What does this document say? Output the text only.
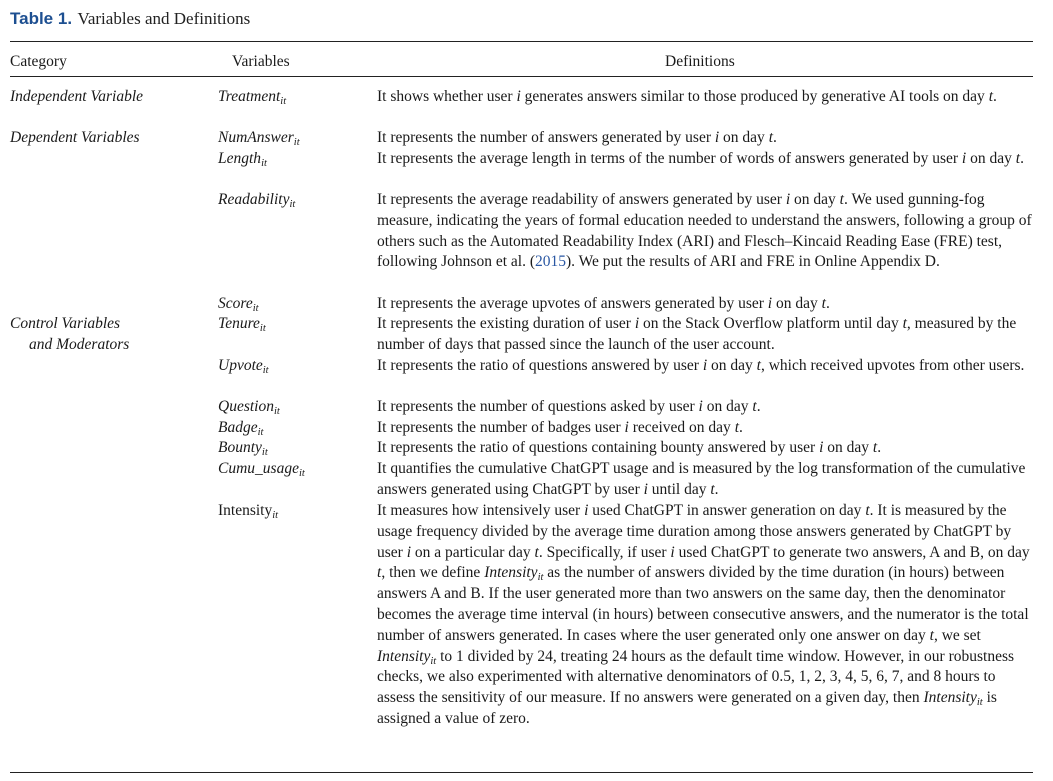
Table 1. Variables and Definitions
Category	Variables	Definitions
Independent Variable
Dependent Variables
Control Variables
and Moderators
Treatment$_{it}$
NumAnswer$_{it}$
Length$_{it}$
Readability$_{it}$
Score$_{it}$
Tenure$_{it}$
Upvote$_{it}$
Question$_{it}$
Badge$_{it}$
Bounty$_{it}$
Cumu_usage$_{it}$
Intensity$_{it}$
It shows whether user i generates answers similar to those produced by generative AI tools on day t.
It represents the number of answers generated by user i on day t.
It represents the average length in terms of the number of words of answers generated by user i on day t.
It represents the average readability of answers generated by user i on day t. We used gunning-fog measure, indicating the years of formal education needed to understand the answers, following a group of others such as the Automated Readability Index (ARI) and Flesch–Kincaid Reading Ease (FRE) test, following Johnson et al. (2015). We put the results of ARI and FRE in Online Appendix D.
It represents the average upvotes of answers generated by user i on day t.
It represents the existing duration of user i on the Stack Overflow platform until day t, measured by the number of days that passed since the launch of the user account.
It represents the ratio of questions answered by user i on day t, which received upvotes from other users.
It represents the number of questions asked by user i on day t.
It represents the number of badges user i received on day t.
It represents the ratio of questions containing bounty answered by user i on day t.
It quantifies the cumulative ChatGPT usage and is measured by the log transformation of the cumulative answers generated using ChatGPT by user i until day t.
It measures how intensively user i used ChatGPT in answer generation on day t. It is measured by the usage frequency divided by the average time duration among those answers generated by ChatGPT by user i on a particular day t. Specifically, if user i used ChatGPT to generate two answers, A and B, on day t, then we define Intensity$_{it}$ as the number of answers divided by the time duration (in hours) between answers A and B. If the user generated more than two answers on the same day, then the denominator becomes the average time interval (in hours) between consecutive answers, and the numerator is the total number of answers generated. In cases where the user generated only one answer on day t, we set Intensity$_{it}$ to 1 divided by 24, treating 24 hours as the default time window. However, in our robustness checks, we also experimented with alternative denominators of 0.5, 1, 2, 3, 4, 5, 6, 7, and 8 hours to assess the sensitivity of our measure. If no answers were generated on a given day, then Intensity$_{it}$ is assigned a value of zero.
